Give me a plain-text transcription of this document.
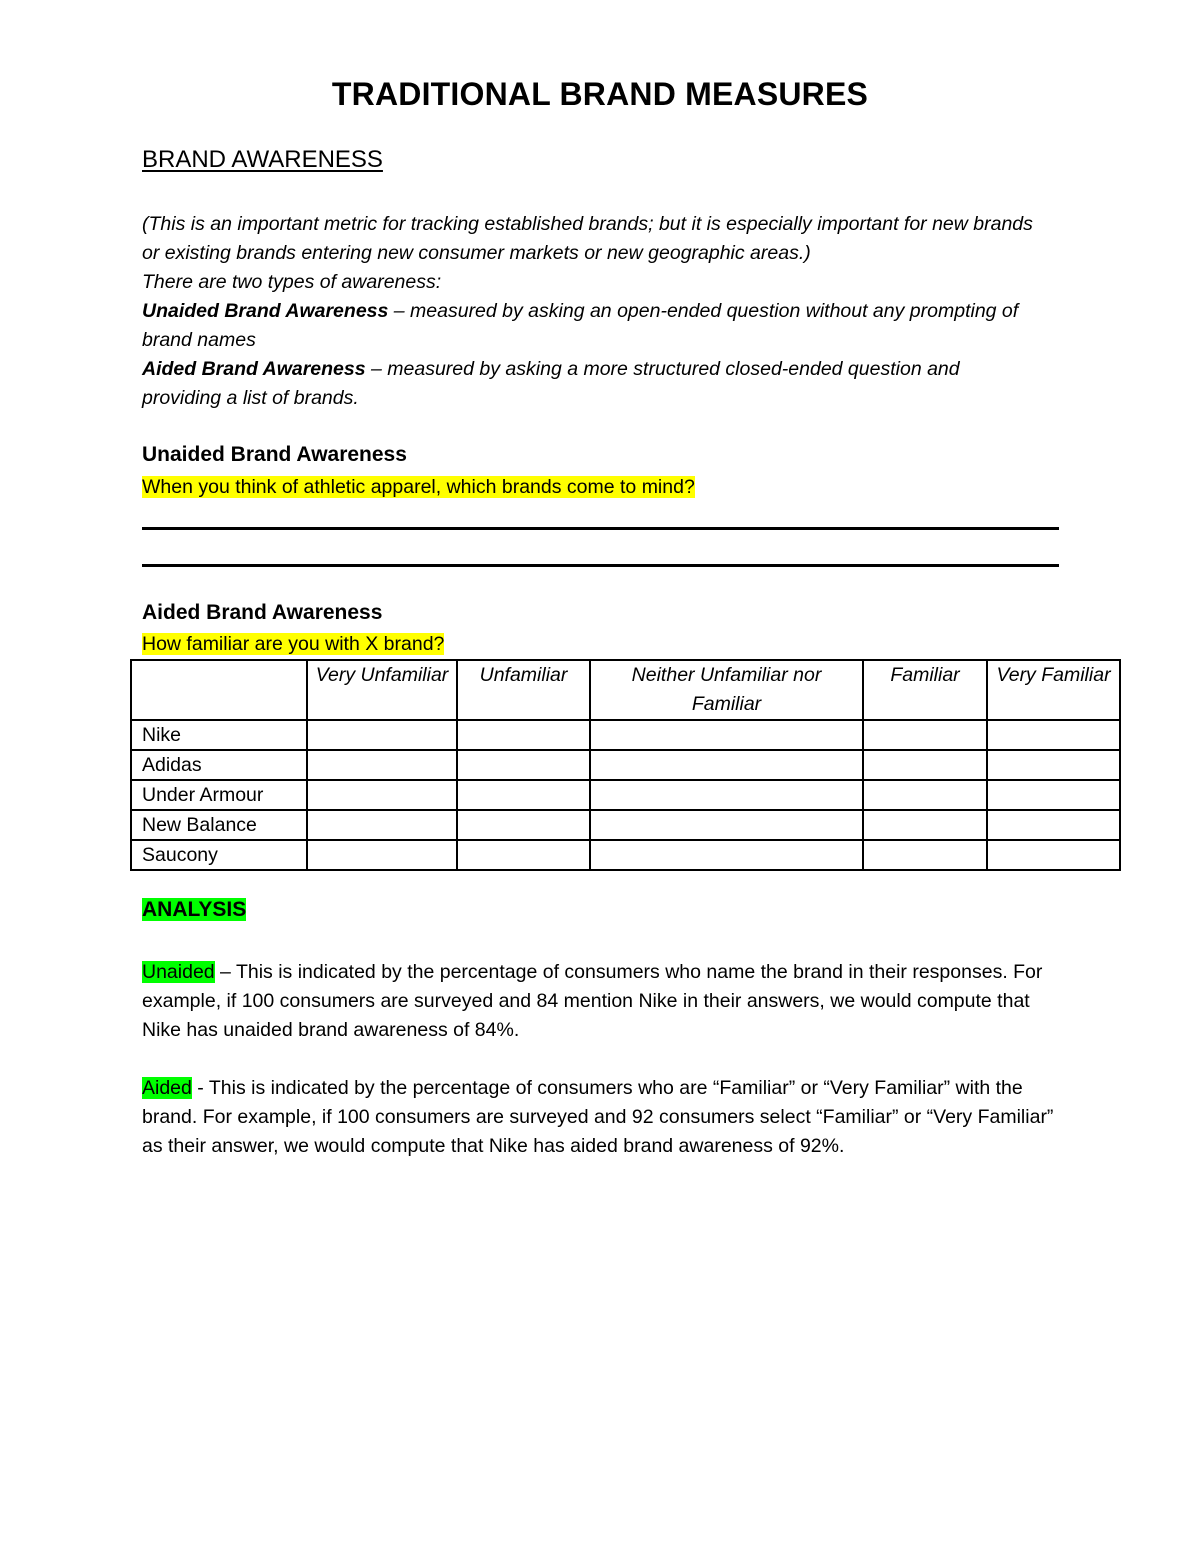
TRADITIONAL BRAND MEASURES
BRAND AWARENESS

(This is an important metric for tracking established brands; but it is especially important for new brands or existing brands entering new consumer markets or new geographic areas.)

There are two types of awareness:

Unaided Brand Awareness – measured by asking an open-ended question without any prompting of brand names

Aided Brand Awareness – measured by asking a more structured closed-ended question and providing a list of brands.

Unaided Brand Awareness
When you think of athletic apparel, which brands come to mind?
Aided Brand Awareness
How familiar are you with X brand?
	Very Unfamiliar	Unfamiliar	Neither Unfamiliar nor Familiar	Familiar	Very Familiar
Nike					
Adidas					
Under Armour					
New Balance					
Saucony					
ANALYSIS

Unaided – This is indicated by the percentage of consumers who name the brand in their responses. For example, if 100 consumers are surveyed and 84 mention Nike in their answers, we would compute that Nike has unaided brand awareness of 84%.

Aided - This is indicated by the percentage of consumers who are “Familiar” or “Very Familiar” with the brand. For example, if 100 consumers are surveyed and 92 consumers select “Familiar” or “Very Familiar” as their answer, we would compute that Nike has aided brand awareness of 92%.
